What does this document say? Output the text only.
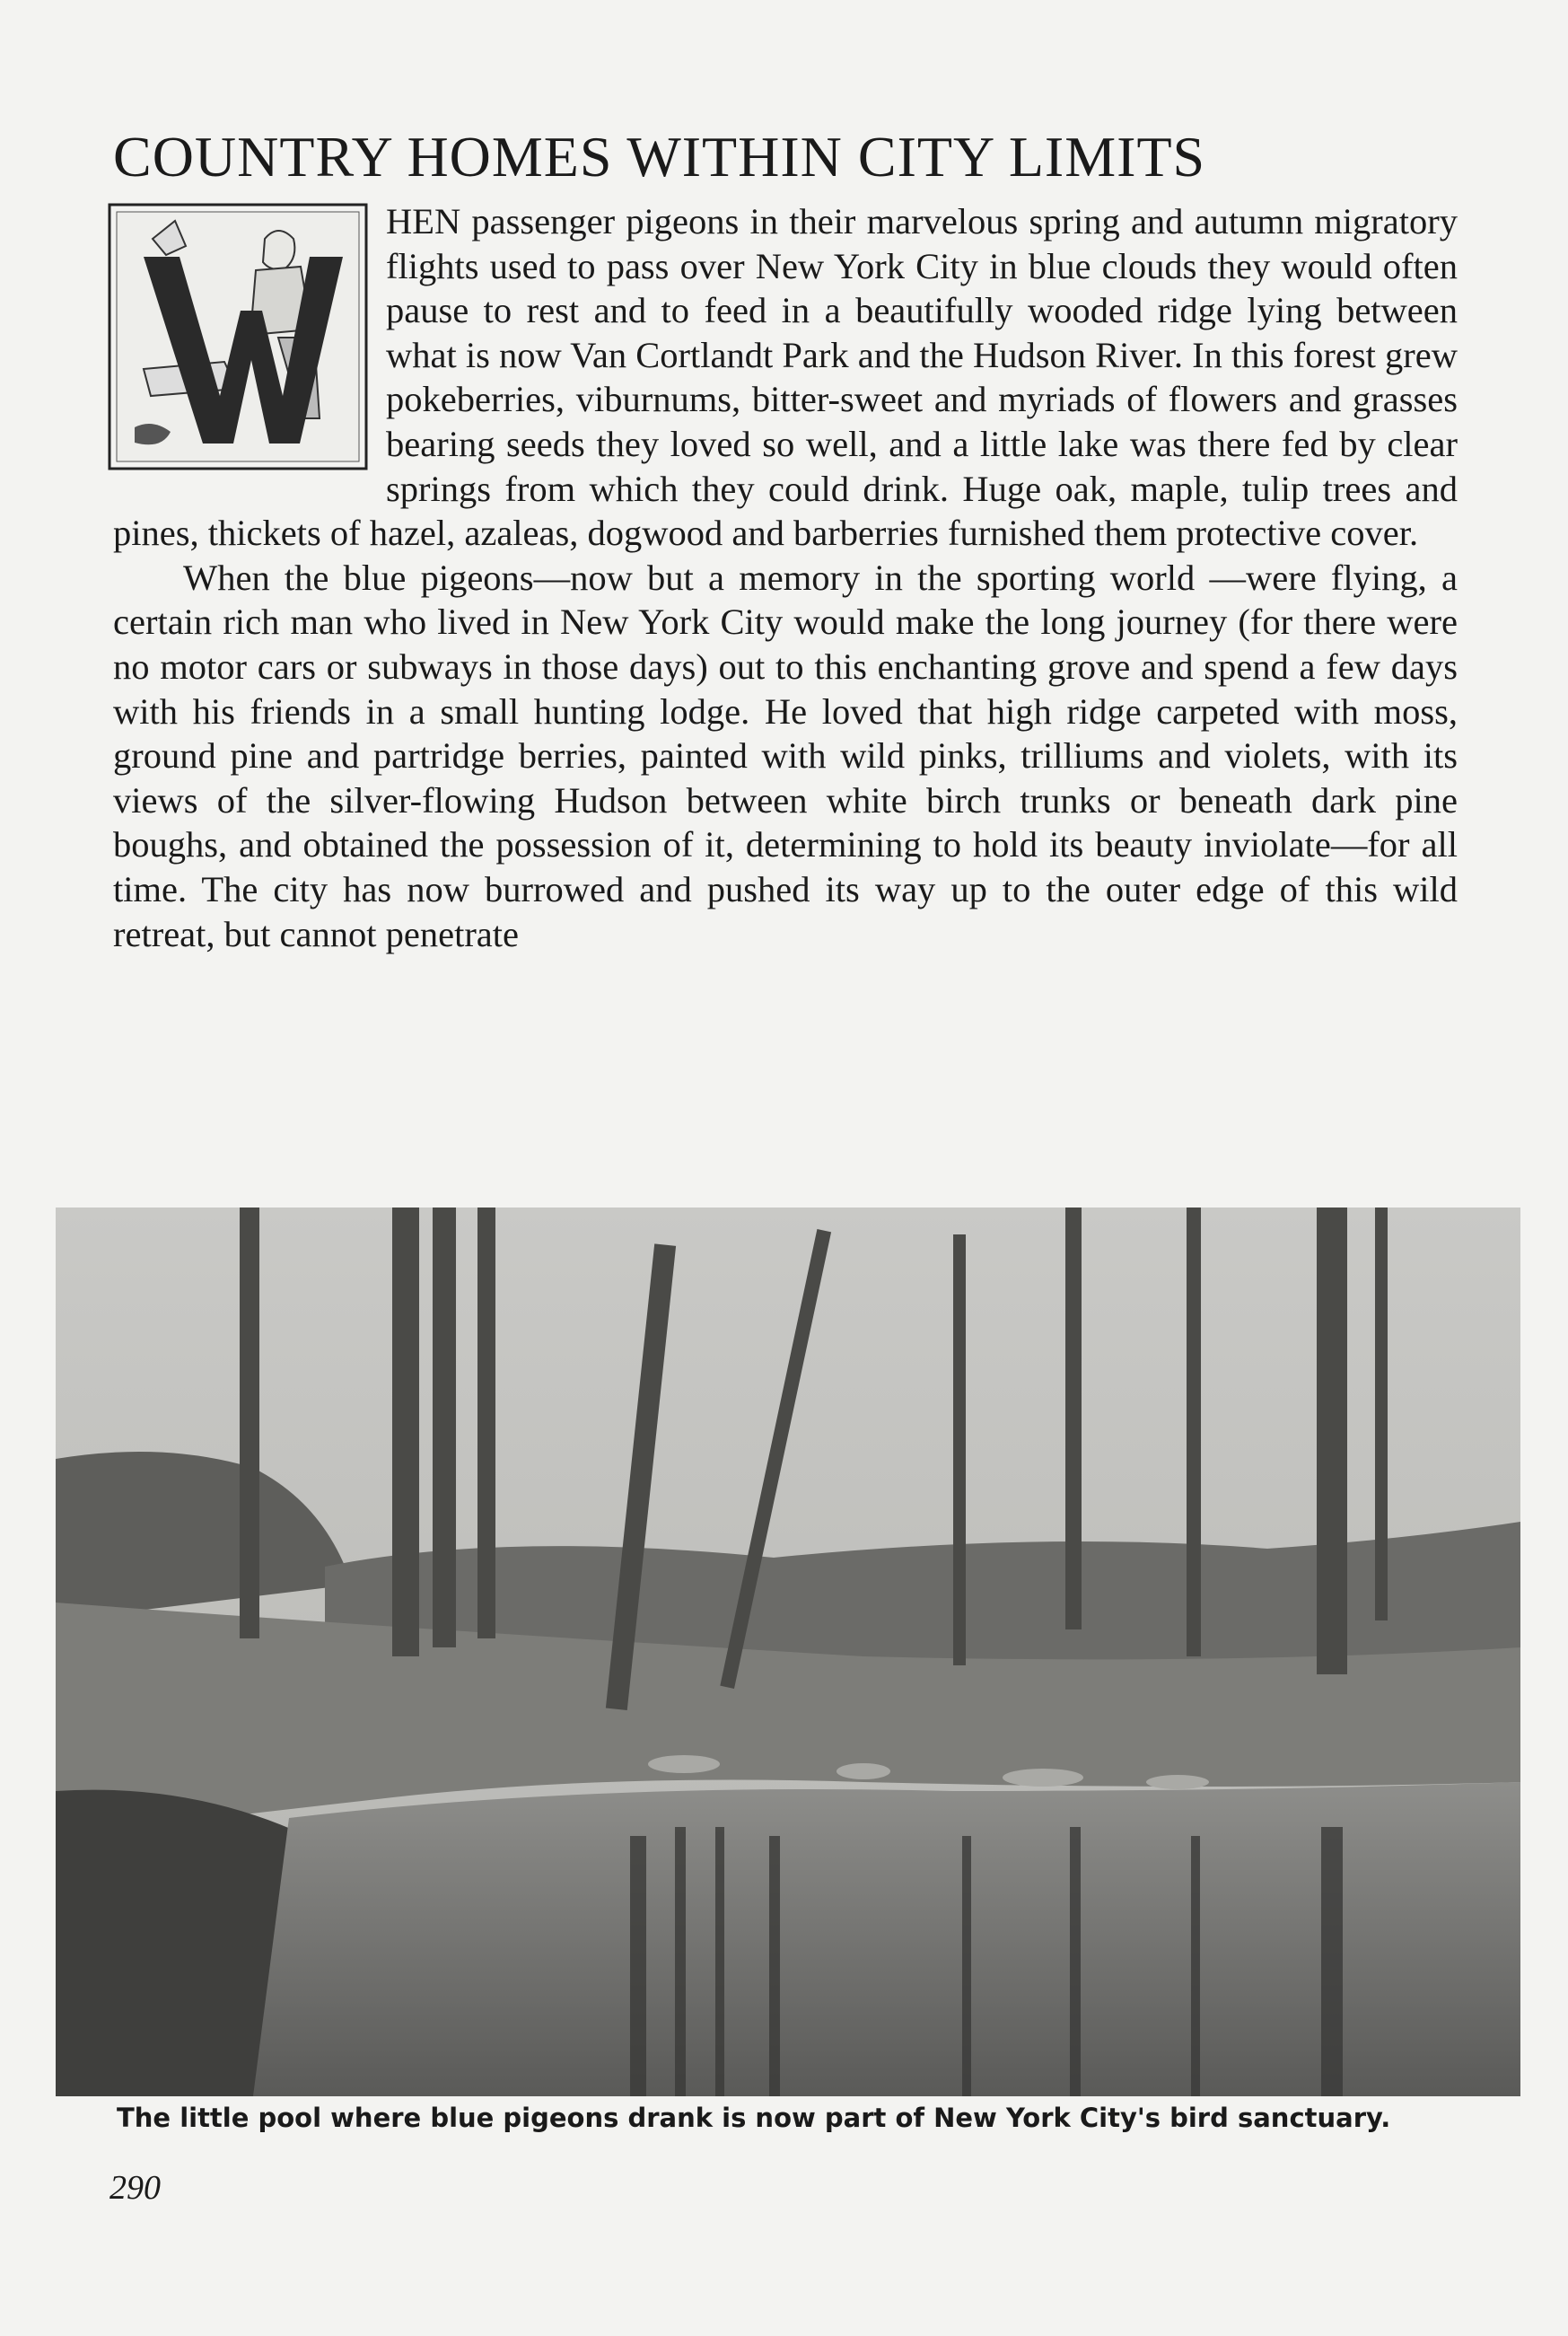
COUNTRY HOMES WITHIN CITY LIMITS

HEN passenger pigeons in their marvelous spring and autumn migratory flights used to pass over New York City in blue clouds they would often pause to rest and to feed in a beautifully wooded ridge lying between what is now Van Cortlandt Park and the Hudson River. In this forest grew pokeberries, viburnums, bitter-sweet and myriads of flowers and grasses bearing seeds they loved so well, and a little lake was there fed by clear springs from which they could drink. Huge oak, maple, tulip trees and pines, thickets of hazel, azaleas, dogwood and barberries furnished them protective cover.

When the blue pigeons—now but a memory in the sporting world —were flying, a certain rich man who lived in New York City would make the long journey (for there were no motor cars or subways in those days) out to this enchanting grove and spend a few days with his friends in a small hunting lodge. He loved that high ridge carpeted with moss, ground pine and partridge berries, painted with wild pinks, trilliums and violets, with its views of the silver-flowing Hudson between white birch trunks or beneath dark pine boughs, and obtained the possession of it, determining to hold its beauty inviolate—for all time. The city has now burrowed and pushed its way up to the outer edge of this wild retreat, but cannot penetrate

The little pool where blue pigeons drank is now part of New York City's bird sanctuary.
290
